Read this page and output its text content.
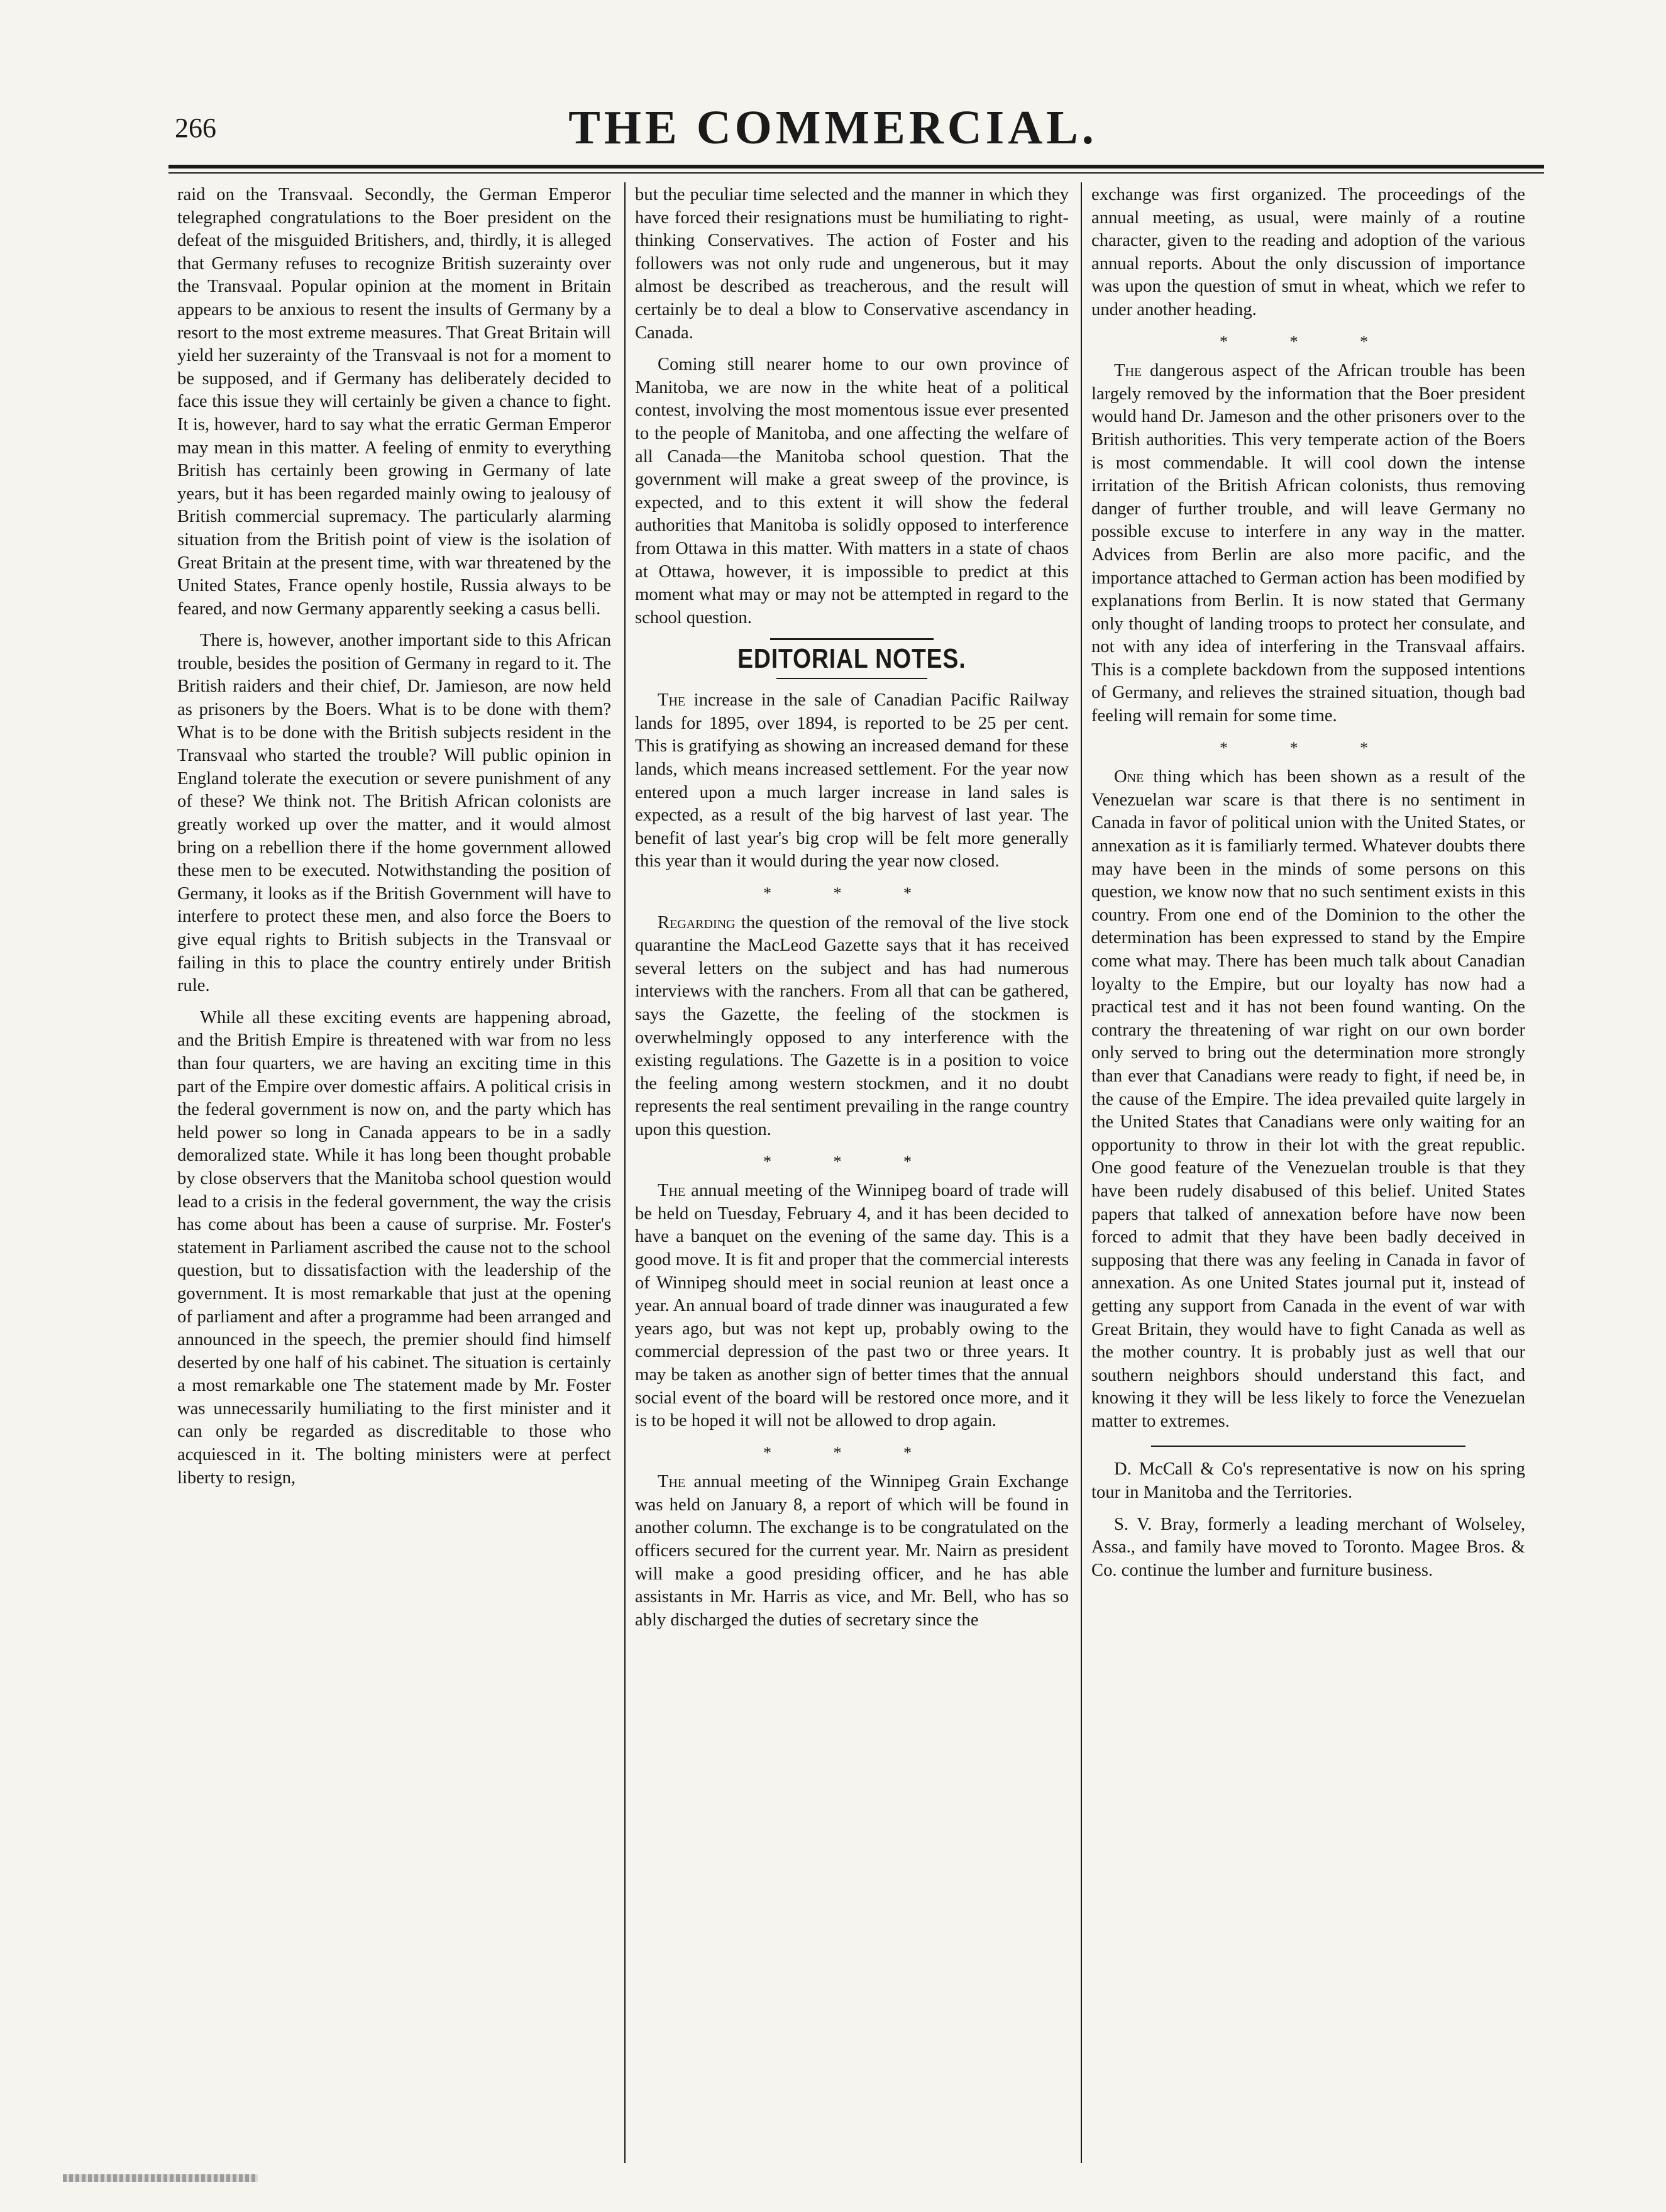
266	THE COMMERCIAL.

raid on the Transvaal. Secondly, the German Emperor telegraphed congratulations to the Boer president on the defeat of the misguided Britishers, and, thirdly, it is alleged that Germany refuses to recognize British suzerainty over the Transvaal. Popular opinion at the moment in Britain appears to be anxious to resent the insults of Germany by a resort to the most extreme measures. That Great Britain will yield her suzerainty of the Transvaal is not for a moment to be supposed, and if Germany has deliberately decided to face this issue they will certainly be given a chance to fight. It is, however, hard to say what the erratic German Emperor may mean in this matter. A feeling of enmity to everything British has certainly been growing in Germany of late years, but it has been regarded mainly owing to jealousy of British commercial supremacy. The particularly alarming situation from the British point of view is the isolation of Great Britain at the present time, with war threatened by the United States, France openly hostile, Russia always to be feared, and now Germany apparently seeking a casus belli.

There is, however, another important side to this African trouble, besides the position of Germany in regard to it. The British raiders and their chief, Dr. Jamieson, are now held as prisoners by the Boers. What is to be done with them? What is to be done with the British subjects resident in the Transvaal who started the trouble? Will public opinion in England tolerate the execution or severe punishment of any of these? We think not. The British African colonists are greatly worked up over the matter, and it would almost bring on a rebellion there if the home government allowed these men to be executed. Notwithstanding the position of Germany, it looks as if the British Government will have to interfere to protect these men, and also force the Boers to give equal rights to British subjects in the Transvaal or failing in this to place the country entirely under British rule.

While all these exciting events are happening abroad, and the British Empire is threatened with war from no less than four quarters, we are having an exciting time in this part of the Empire over domestic affairs. A political crisis in the federal government is now on, and the party which has held power so long in Canada appears to be in a sadly demoralized state. While it has long been thought probable by close observers that the Manitoba school question would lead to a crisis in the federal government, the way the crisis has come about has been a cause of surprise. Mr. Foster's statement in Parliament ascribed the cause not to the school question, but to dissatisfaction with the leadership of the government. It is most remarkable that just at the opening of parliament and after a programme had been arranged and announced in the speech, the premier should find himself deserted by one half of his cabinet. The situation is certainly a most remarkable one The statement made by Mr. Foster was unnecessarily humiliating to the first minister and it can only be regarded as discreditable to those who acquiesced in it. The bolting ministers were at perfect liberty to resign,

but the peculiar time selected and the manner in which they have forced their resignations must be humiliating to right-thinking Conservatives. The action of Foster and his followers was not only rude and ungenerous, but it may almost be described as treacherous, and the result will certainly be to deal a blow to Conservative ascendancy in Canada.

Coming still nearer home to our own province of Manitoba, we are now in the white heat of a political contest, involving the most momentous issue ever presented to the people of Manitoba, and one affecting the welfare of all Canada—the Manitoba school question. That the government will make a great sweep of the province, is expected, and to this extent it will show the federal authorities that Manitoba is solidly opposed to interference from Ottawa in this matter. With matters in a state of chaos at Ottawa, however, it is impossible to predict at this moment what may or may not be attempted in regard to the school question.

EDITORIAL NOTES.

The increase in the sale of Canadian Pacific Railway lands for 1895, over 1894, is reported to be 25 per cent. This is gratifying as showing an increased demand for these lands, which means increased settlement. For the year now entered upon a much larger increase in land sales is expected, as a result of the big harvest of last year. The benefit of last year's big crop will be felt more generally this year than it would during the year now closed.

* * *

Regarding the question of the removal of the live stock quarantine the MacLeod Gazette says that it has received several letters on the subject and has had numerous interviews with the ranchers. From all that can be gathered, says the Gazette, the feeling of the stockmen is overwhelmingly opposed to any interference with the existing regulations. The Gazette is in a position to voice the feeling among western stockmen, and it no doubt represents the real sentiment prevailing in the range country upon this question.

* * *

The annual meeting of the Winnipeg board of trade will be held on Tuesday, February 4, and it has been decided to have a banquet on the evening of the same day. This is a good move. It is fit and proper that the commercial interests of Winnipeg should meet in social reunion at least once a year. An annual board of trade dinner was inaugurated a few years ago, but was not kept up, probably owing to the commercial depression of the past two or three years. It may be taken as another sign of better times that the annual social event of the board will be restored once more, and it is to be hoped it will not be allowed to drop again.

* * *

The annual meeting of the Winnipeg Grain Exchange was held on January 8, a report of which will be found in another column. The exchange is to be congratulated on the officers secured for the current year. Mr. Nairn as president will make a good presiding officer, and he has able assistants in Mr. Harris as vice, and Mr. Bell, who has so ably discharged the duties of secretary since the

exchange was first organized. The proceedings of the annual meeting, as usual, were mainly of a routine character, given to the reading and adoption of the various annual reports. About the only discussion of importance was upon the question of smut in wheat, which we refer to under another heading.

* * *

The dangerous aspect of the African trouble has been largely removed by the information that the Boer president would hand Dr. Jameson and the other prisoners over to the British authorities. This very temperate action of the Boers is most commendable. It will cool down the intense irritation of the British African colonists, thus removing danger of further trouble, and will leave Germany no possible excuse to interfere in any way in the matter. Advices from Berlin are also more pacific, and the importance attached to German action has been modified by explanations from Berlin. It is now stated that Germany only thought of landing troops to protect her consulate, and not with any idea of interfering in the Transvaal affairs. This is a complete backdown from the supposed intentions of Germany, and relieves the strained situation, though bad feeling will remain for some time.

* * *

One thing which has been shown as a result of the Venezuelan war scare is that there is no sentiment in Canada in favor of political union with the United States, or annexation as it is familiarly termed. Whatever doubts there may have been in the minds of some persons on this question, we know now that no such sentiment exists in this country. From one end of the Dominion to the other the determination has been expressed to stand by the Empire come what may. There has been much talk about Canadian loyalty to the Empire, but our loyalty has now had a practical test and it has not been found wanting. On the contrary the threatening of war right on our own border only served to bring out the determination more strongly than ever that Canadians were ready to fight, if need be, in the cause of the Empire. The idea prevailed quite largely in the United States that Canadians were only waiting for an opportunity to throw in their lot with the great republic. One good feature of the Venezuelan trouble is that they have been rudely disabused of this belief. United States papers that talked of annexation before have now been forced to admit that they have been badly deceived in supposing that there was any feeling in Canada in favor of annexation. As one United States journal put it, instead of getting any support from Canada in the event of war with Great Britain, they would have to fight Canada as well as the mother country. It is probably just as well that our southern neighbors should understand this fact, and knowing it they will be less likely to force the Venezuelan matter to extremes.

D. McCall & Co's representative is now on his spring tour in Manitoba and the Territories.

S. V. Bray, formerly a leading merchant of Wolseley, Assa., and family have moved to Toronto. Magee Bros. & Co. continue the lumber and furniture business.
